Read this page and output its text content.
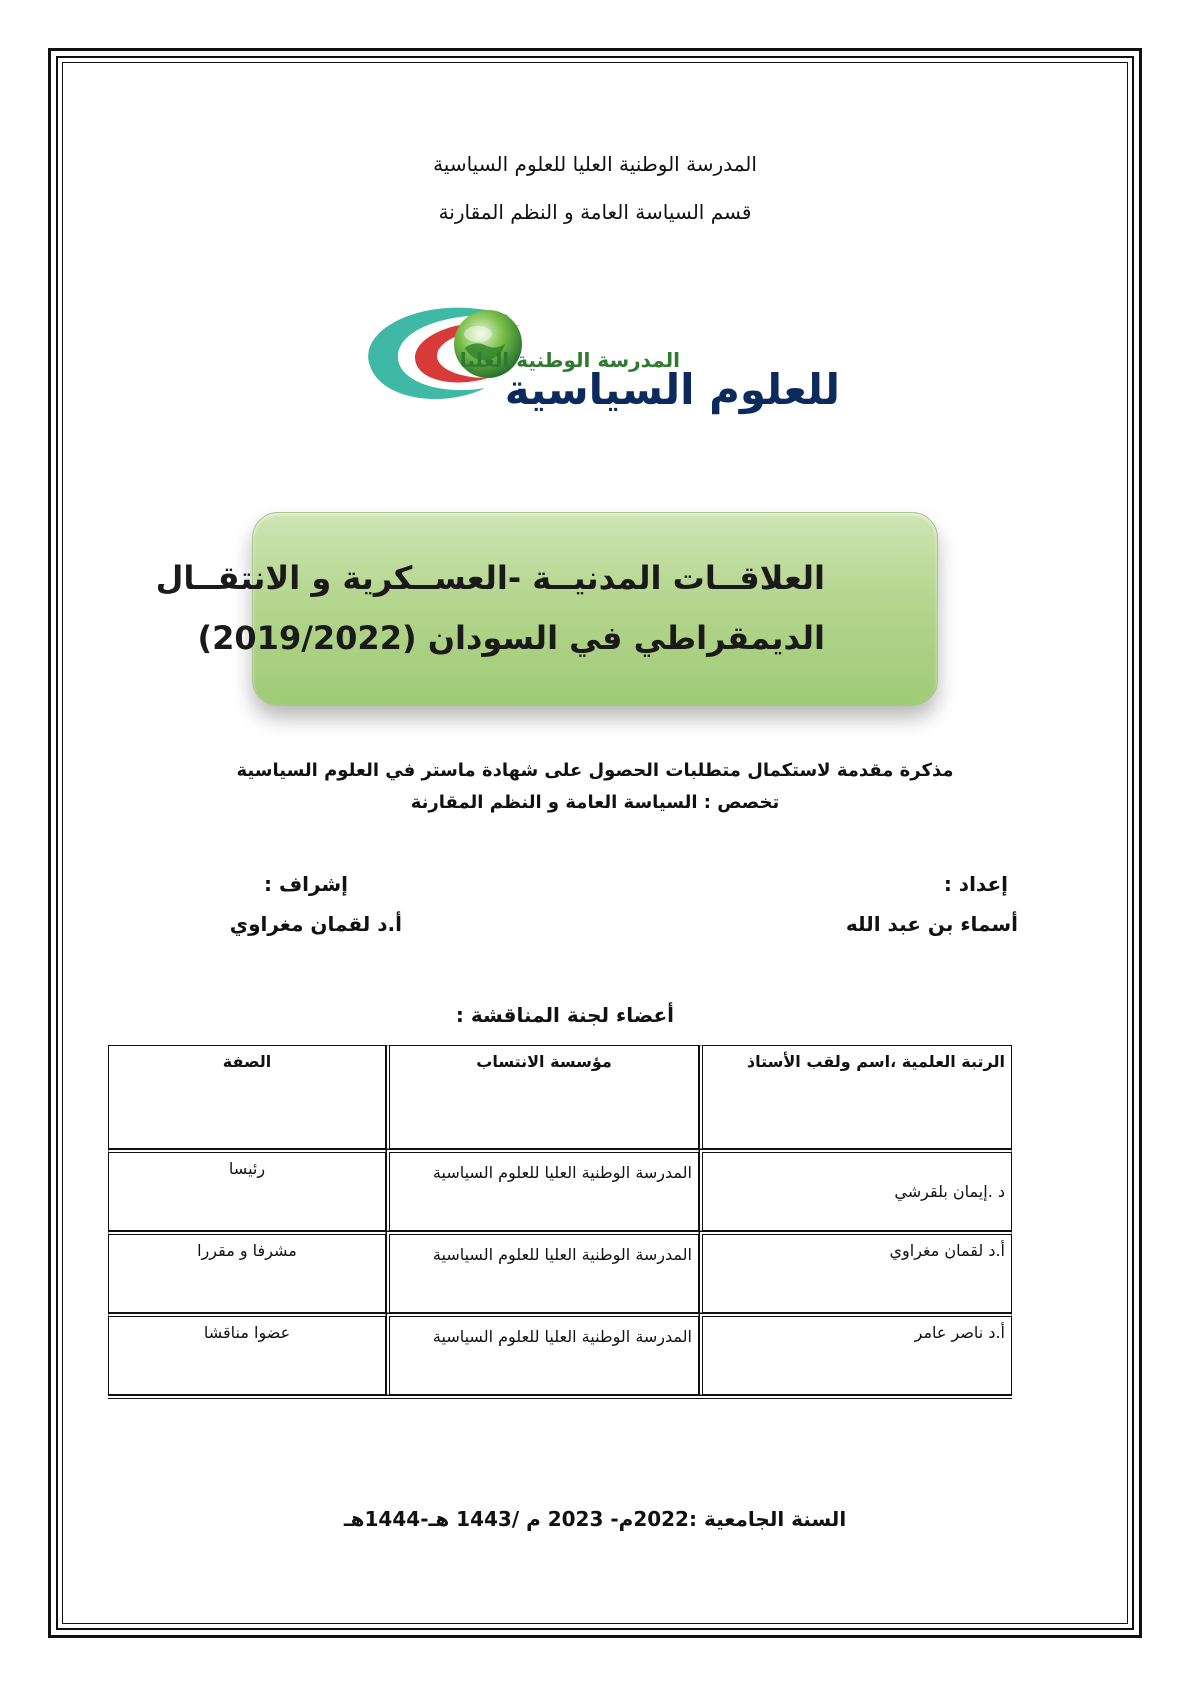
المدرسة الوطنية العليا للعلوم السياسية
قسم السياسة العامة و النظم المقارنة
المدرسة الوطنية العليا
للعلوم السياسية
العلاقــات المدنيــة -العســكرية و الانتقــال
الديمقراطي في السودان (2019/2022)
مذكرة مقدمة لاستكمال متطلبات الحصول على شهادة ماستر في العلوم السياسية
تخصص : السياسة العامة و النظم المقارنة
إعداد :
أسماء بن عبد الله
إشراف :
أ.د لقمان مغراوي
أعضاء لجنة المناقشة :
الرتبة العلمية ،اسم ولقب الأستاذ	مؤسسة الانتساب	الصفة
د .إيمان بلقرشي	المدرسة الوطنية العليا للعلوم السياسية	رئيسا
أ.د لقمان مغراوي	المدرسة الوطنية العليا للعلوم السياسية	مشرفا و مقررا
أ.د ناصر عامر	المدرسة الوطنية العليا للعلوم السياسية	عضوا مناقشا
السنة الجامعية :2022م- 2023 م /1443 هـ-1444هـ
